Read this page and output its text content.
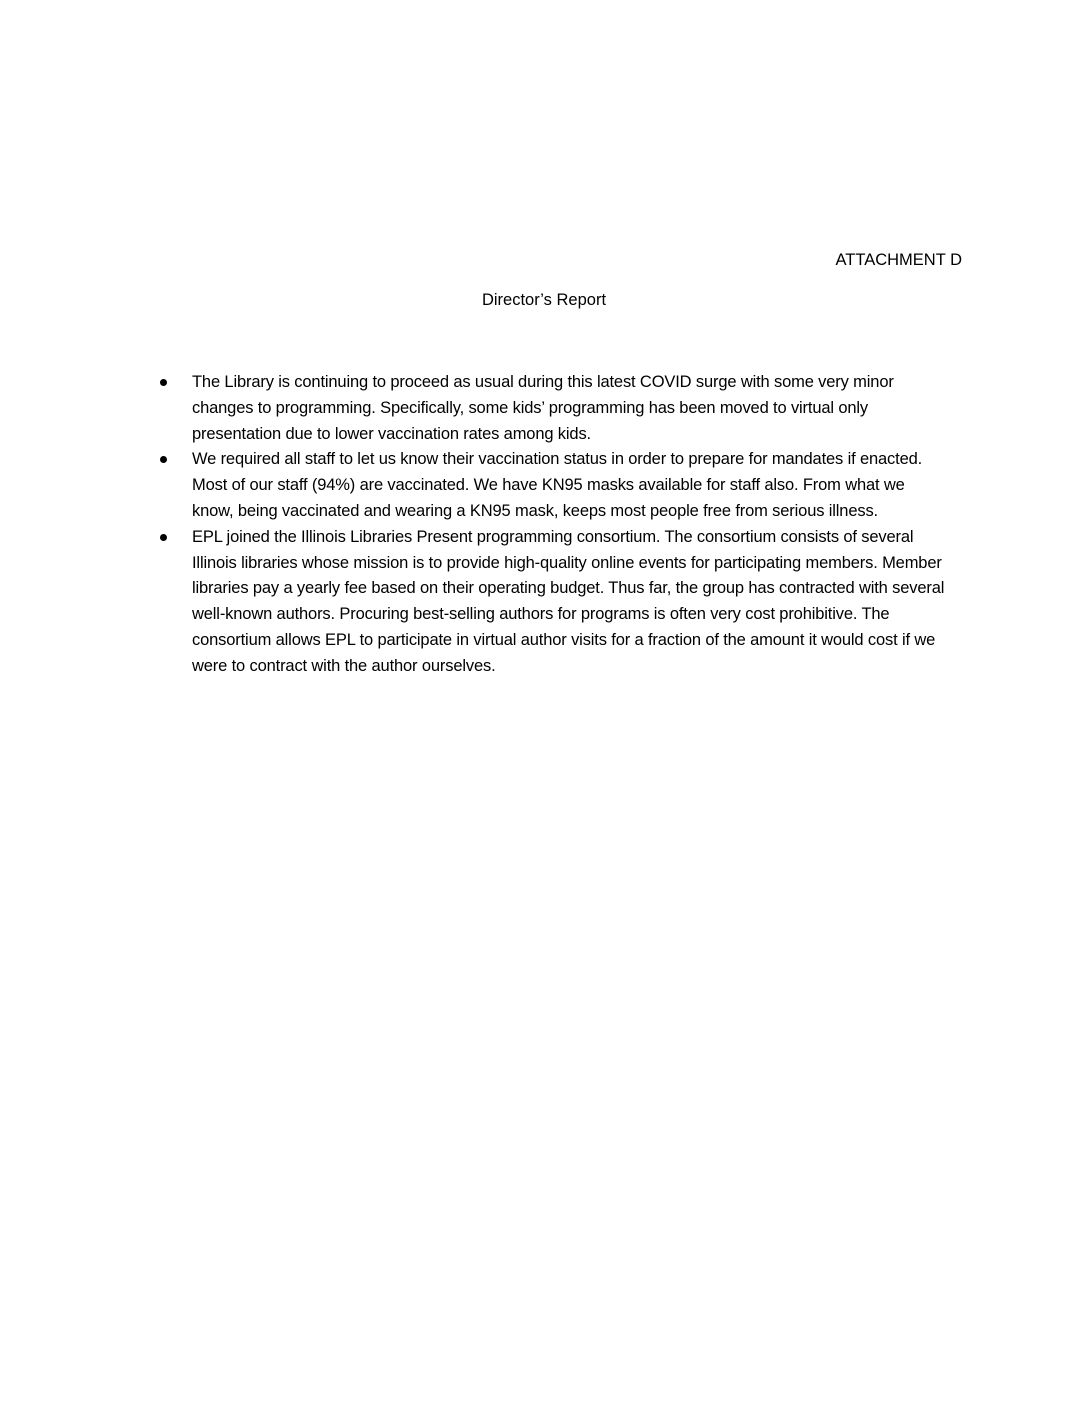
ATTACHMENT D
Director’s Report
The Library is continuing to proceed as usual during this latest COVID surge with some very minor changes to programming. Specifically, some kids’ programming has been moved to virtual only presentation due to lower vaccination rates among kids.
We required all staff to let us know their vaccination status in order to prepare for mandates if enacted. Most of our staff (94%) are vaccinated. We have KN95 masks available for staff also. From what we know, being vaccinated and wearing a KN95 mask, keeps most people free from serious illness.
EPL joined the Illinois Libraries Present programming consortium. The consortium consists of several Illinois libraries whose mission is to provide high-quality online events for participating members. Member libraries pay a yearly fee based on their operating budget. Thus far, the group has contracted with several well-known authors. Procuring best-selling authors for programs is often very cost prohibitive. The consortium allows EPL to participate in virtual author visits for a fraction of the amount it would cost if we were to contract with the author ourselves.
